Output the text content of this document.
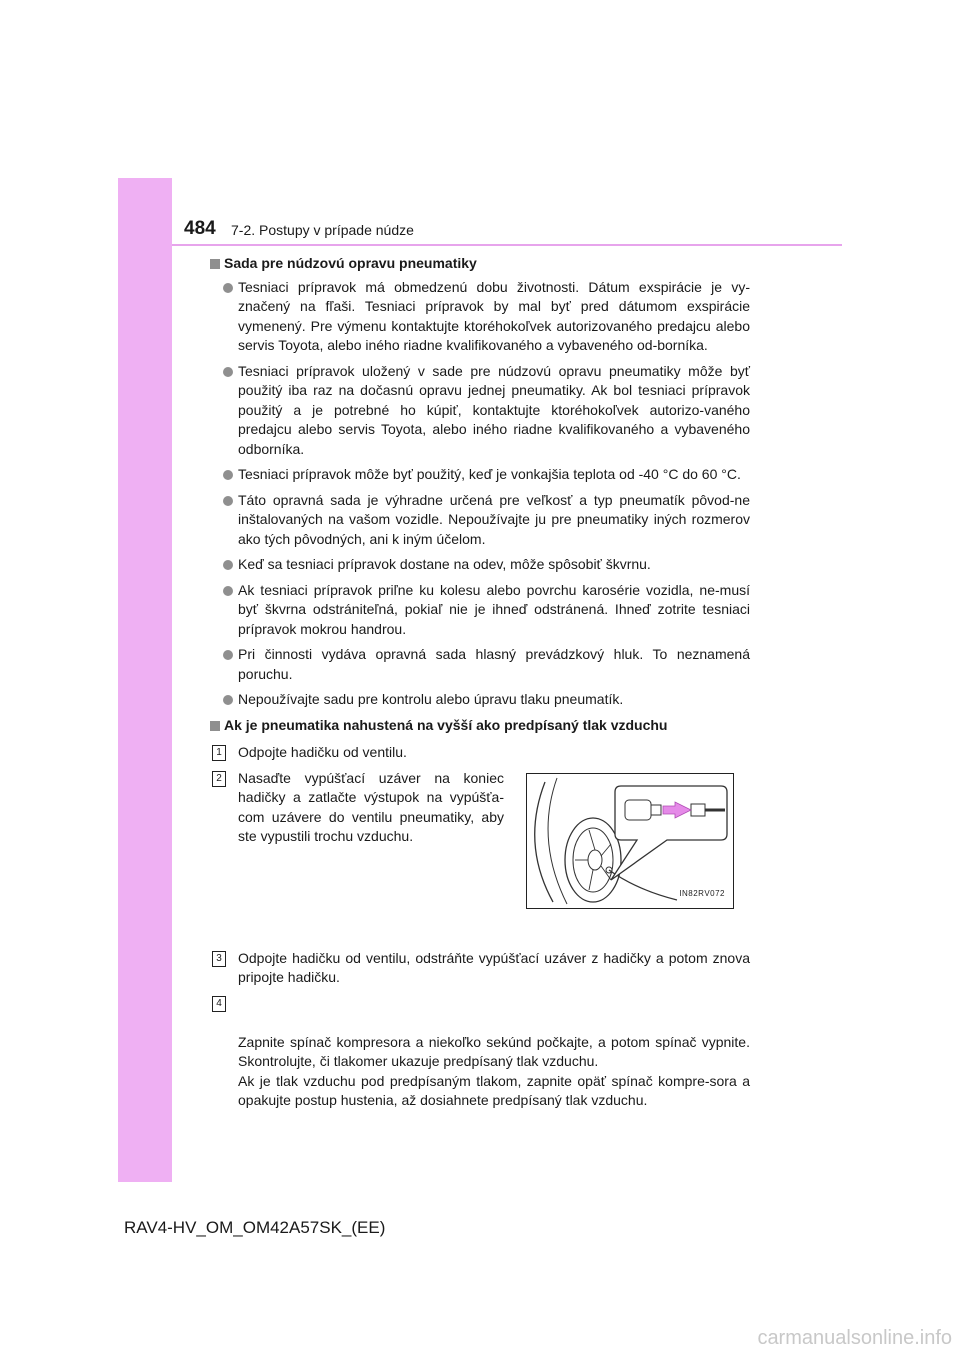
484 7-2. Postupy v prípade núdze
Sada pre núdzovú opravu pneumatiky
Tesniaci prípravok má obmedzenú dobu životnosti. Dátum exspirácie je vy-značený na fľaši. Tesniaci prípravok by mal byť pred dátumom exspirácie vymenený. Pre výmenu kontaktujte ktoréhokoľvek autorizovaného predajcu alebo servis Toyota, alebo iného riadne kvalifikovaného a vybaveného od-borníka.
Tesniaci prípravok uložený v sade pre núdzovú opravu pneumatiky môže byť použitý iba raz na dočasnú opravu jednej pneumatiky. Ak bol tesniaci prípravok použitý a je potrebné ho kúpiť, kontaktujte ktoréhokoľvek autorizo-vaného predajcu alebo servis Toyota, alebo iného riadne kvalifikovaného a vybaveného odborníka.
Tesniaci prípravok môže byť použitý, keď je vonkajšia teplota od -40 °C do 60 °C.
Táto opravná sada je výhradne určená pre veľkosť a typ pneumatík pôvod-ne inštalovaných na vašom vozidle. Nepoužívajte ju pre pneumatiky iných rozmerov ako tých pôvodných, ani k iným účelom.
Keď sa tesniaci prípravok dostane na odev, môže spôsobiť škvrnu.
Ak tesniaci prípravok priľne ku kolesu alebo povrchu karosérie vozidla, ne-musí byť škvrna odstrániteľná, pokiaľ nie je ihneď odstránená. Ihneď zotrite tesniaci prípravok mokrou handrou.
Pri činnosti vydáva opravná sada hlasný prevádzkový hluk. To neznamená poruchu.
Nepoužívajte sadu pre kontrolu alebo úpravu tlaku pneumatík.
Ak je pneumatika nahustená na vyšší ako predpísaný tlak vzduchu
1	Odpojte hadičku od ventilu.
2	Nasaďte vypúšťací uzáver na koniec hadičky a zatlačte výstupok na vypúšťa-com uzávere do ventilu pneumatiky, aby ste vypustili trochu vzduchu.
IN82RV072
3	Odpojte hadičku od ventilu, odstráňte vypúšťací uzáver z hadičky a potom znova pripojte hadičku.

4

Zapnite spínač kompresora a niekoľko sekúnd počkajte, a potom spínač vypnite. Skontrolujte, či tlakomer ukazuje predpísaný tlak vzduchu.
Ak je tlak vzduchu pod predpísaným tlakom, zapnite opäť spínač kompre-sora a opakujte postup hustenia, až dosiahnete predpísaný tlak vzduchu.

RAV4-HV_OM_OM42A57SK_(EE)
carmanualsonline.info
